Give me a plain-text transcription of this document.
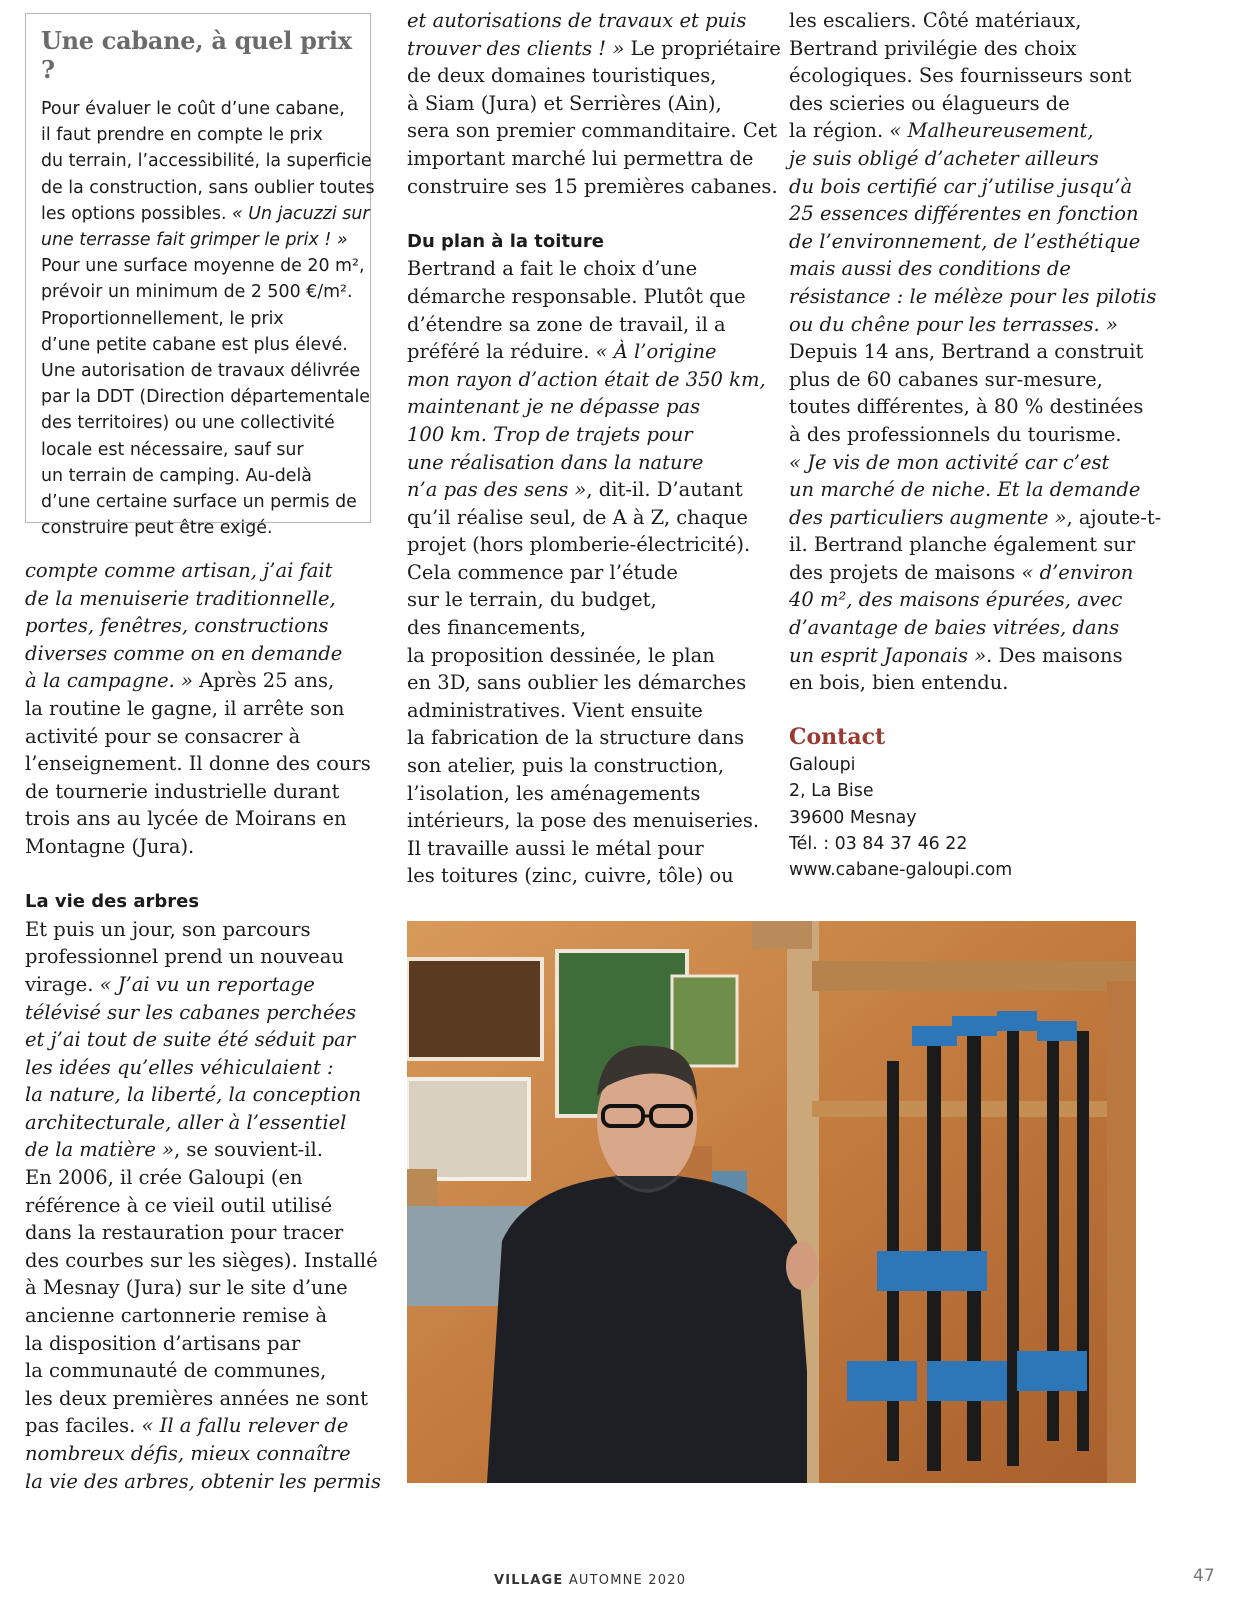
Une cabane, à quel prix ?
Pour évaluer le coût d’une cabane,
il faut prendre en compte le prix
du terrain, l’accessibilité, la superficie
de la construction, sans oublier toutes
les options possibles. « Un jacuzzi sur
une terrasse fait grimper le prix ! »
Pour une surface moyenne de 20 m²,
prévoir un minimum de 2 500 €/m².
Proportionnellement, le prix
d’une petite cabane est plus élevé.
Une autorisation de travaux délivrée
par la DDT (Direction départementale
des territoires) ou une collectivité
locale est nécessaire, sauf sur
un terrain de camping. Au-delà
d’une certaine surface un permis de
construire peut être exigé.
compte comme artisan, j’ai fait
de la menuiserie traditionnelle,
portes, fenêtres, constructions
diverses comme on en demande
à la campagne. » Après 25 ans,
la routine le gagne, il arrête son
activité pour se consacrer à
l’enseignement. Il donne des cours
de tournerie industrielle durant
trois ans au lycée de Moirans en
Montagne (Jura).
La vie des arbres
Et puis un jour, son parcours
professionnel prend un nouveau
virage. « J’ai vu un reportage
télévisé sur les cabanes perchées
et j’ai tout de suite été séduit par
les idées qu’elles véhiculaient :
la nature, la liberté, la conception
architecturale, aller à l’essentiel
de la matière », se souvient-il.
En 2006, il crée Galoupi (en
référence à ce vieil outil utilisé
dans la restauration pour tracer
des courbes sur les sièges). Installé
à Mesnay (Jura) sur le site d’une
ancienne cartonnerie remise à
la disposition d’artisans par
la communauté de communes,
les deux premières années ne sont
pas faciles. « Il a fallu relever de
nombreux défis, mieux connaître
la vie des arbres, obtenir les permis
et autorisations de travaux et puis
trouver des clients ! » Le propriétaire
de deux domaines touristiques,
à Siam (Jura) et Serrières (Ain),
sera son premier commanditaire. Cet
important marché lui permettra de
construire ses 15 premières cabanes.
Du plan à la toiture
Bertrand a fait le choix d’une
démarche responsable. Plutôt que
d’étendre sa zone de travail, il a
préféré la réduire. « À l’origine
mon rayon d’action était de 350 km,
maintenant je ne dépasse pas
100 km. Trop de trajets pour
une réalisation dans la nature
n’a pas des sens », dit-il. D’autant
qu’il réalise seul, de A à Z, chaque
projet (hors plomberie-électricité).
Cela commence par l’étude
sur le terrain, du budget,
des financements,
la proposition dessinée, le plan
en 3D, sans oublier les démarches
administratives. Vient ensuite
la fabrication de la structure dans
son atelier, puis la construction,
l’isolation, les aménagements
intérieurs, la pose des menuiseries.
Il travaille aussi le métal pour
les toitures (zinc, cuivre, tôle) ou
les escaliers. Côté matériaux,
Bertrand privilégie des choix
écologiques. Ses fournisseurs sont
des scieries ou élagueurs de
la région. « Malheureusement,
je suis obligé d’acheter ailleurs
du bois certifié car j’utilise jusqu’à
25 essences différentes en fonction
de l’environnement, de l’esthétique
mais aussi des conditions de
résistance : le mélèze pour les pilotis
ou du chêne pour les terrasses. »
Depuis 14 ans, Bertrand a construit
plus de 60 cabanes sur-mesure,
toutes différentes, à 80 % destinées
à des professionnels du tourisme.
« Je vis de mon activité car c’est
un marché de niche. Et la demande
des particuliers augmente », ajoute-t-
il. Bertrand planche également sur
des projets de maisons « d’environ
40 m², des maisons épurées, avec
d’avantage de baies vitrées, dans
un esprit Japonais ». Des maisons
en bois, bien entendu.
Contact
Galoupi
2, La Bise
39600 Mesnay
Tél. : 03 84 37 46 22
www.cabane-galoupi.com
VILLAGE AUTOMNE 2020	47
